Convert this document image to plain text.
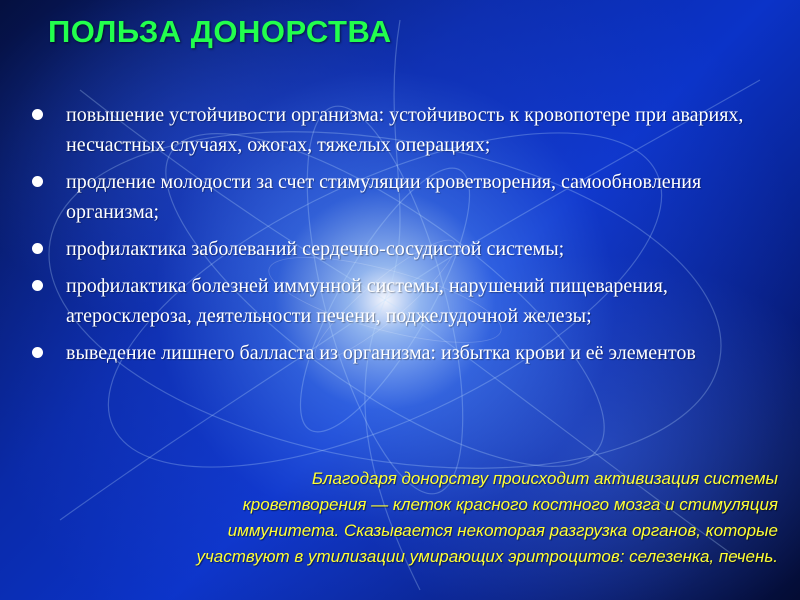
ПОЛЬЗА ДОНОРСТВА
повышение устойчивости организма: устойчивость к кровопотере при авариях, несчастных случаях, ожогах, тяжелых операциях;
продление молодости за счет стимуляции кроветворения, самообновления организма;
профилактика заболеваний сердечно-сосудистой системы;
профилактика болезней иммунной системы, нарушений пищеварения, атеросклероза, деятельности печени, поджелудочной железы;
выведение лишнего балласта из организма: избытка крови и её элементов

Благодаря донорству происходит активизация системы
кроветворения — клеток красного костного мозга и стимуляция
иммунитета. Сказывается некоторая разгрузка органов, которые
участвуют в утилизации умирающих эритроцитов: селезенка, печень.
